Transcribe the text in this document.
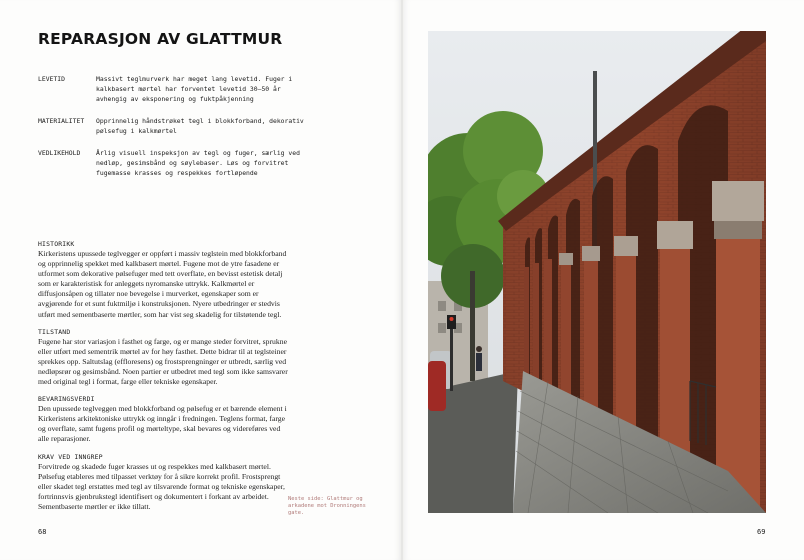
REPARASJON AV GLATTMUR
LEVETID	Massivt teglmurverk har meget lang levetid. Fuger i kalkbasert mørtel har forventet levetid 30–50 år avhengig av eksponering og fuktpåkjenning
MATERIALITET	Opprinnelig håndstrøket tegl i blokkforband, dekorativ pølsefug i kalkmørtel
VEDLIKEHOLD	Årlig visuell inspeksjon av tegl og fuger, særlig ved nedløp, gesimsbånd og søylebaser. Løs og forvitret fugemasse krasses og respekkes fortløpende
HISTORIKK
Kirkeristens upussede teglvegger er oppført i massiv teglstein med blokkforband og opprinnelig spekket med kalkbasert mørtel. Fugene mot de ytre fasadene er utformet som dekorative pølsefuger med tett overflate, en bevisst estetisk detalj som er karakteristisk for anleggets nyromanske uttrykk. Kalkmørtel er diffusjonsåpen og tillater noe bevegelse i murverket, egenskaper som er avgjørende for et sunt fuktmiljø i konstruksjonen. Nyere utbedringer er stedvis utført med sementbaserte mørtler, som har vist seg skadelig for tilstøtende tegl.
TILSTAND
Fugene har stor variasjon i fasthet og farge, og er mange steder forvitret, sprukne eller utført med sementrik mørtel av for høy fasthet. Dette bidrar til at teglsteiner sprekkes opp. Saltutslag (effloresens) og frostsprengninger er utbredt, særlig ved nedløpsrør og gesimsbånd. Noen partier er utbedret med tegl som ikke samsvarer med original tegl i format, farge eller tekniske egenskaper.
BEVARINGSVERDI
Den upussede teglveggen med blokkforband og pølsefug er et bærende element i Kirkeristens arkitektoniske uttrykk og inngår i fredningen. Teglens format, farge og overflate, samt fugens profil og mørteltype, skal bevares og videreføres ved alle reparasjoner.
KRAV VED INNGREP
Forvitrede og skadede fuger krasses ut og respekkes med kalkbasert mørtel. Pølsefug etableres med tilpasset verktøy for å sikre korrekt profil. Frostsprengt eller skadet tegl erstattes med tegl av tilsvarende format og tekniske egenskaper, fortrinnsvis gjenbrukstegl identifisert og dokumentert i forkant av arbeidet. Sementbaserte mørtler er ikke tillatt.
Neste side: Glattmur og arkadene mot Dronningens gate.
68	69
